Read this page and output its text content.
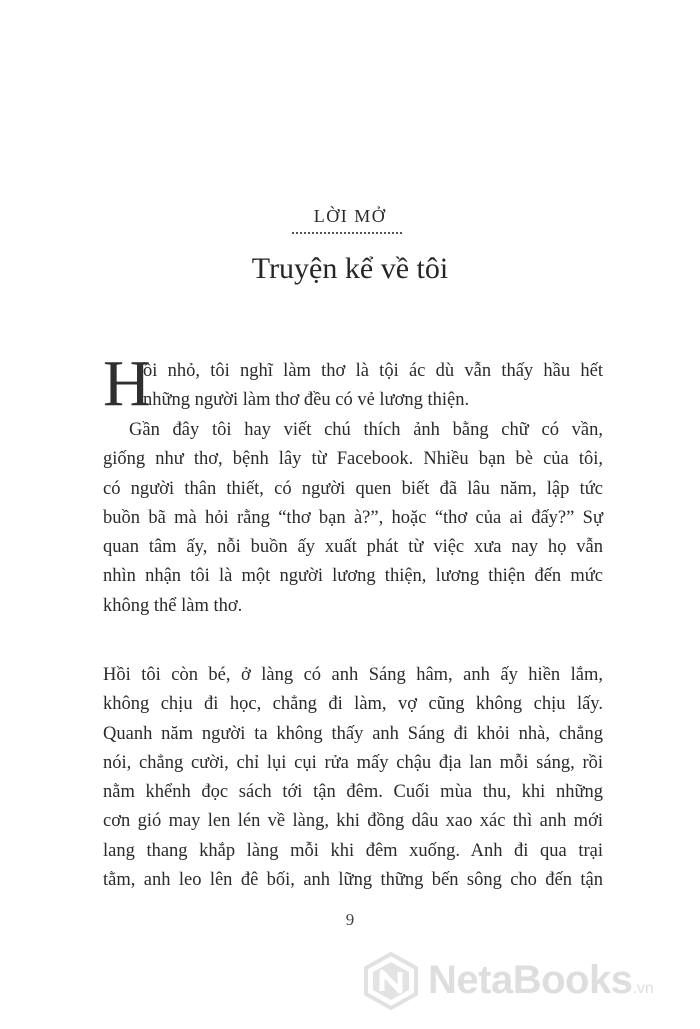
LỜI MỞ
Truyện kể về tôi
H
ồi nhỏ, tôi nghĩ làm thơ là tội ác dù vẫn thấy hầu hết
những người làm thơ đều có vẻ lương thiện.
Gần đây tôi hay viết chú thích ảnh bằng chữ có vần,
giống như thơ, bệnh lây từ Facebook. Nhiều bạn bè của tôi,
có người thân thiết, có người quen biết đã lâu năm, lập tức
buồn bã mà hỏi rằng “thơ bạn à?”, hoặc “thơ của ai đấy?” Sự
quan tâm ấy, nỗi buồn ấy xuất phát từ việc xưa nay họ vẫn
nhìn nhận tôi là một người lương thiện, lương thiện đến mức
không thể làm thơ.
Hồi tôi còn bé, ở làng có anh Sáng hâm, anh ấy hiền lắm,
không chịu đi học, chẳng đi làm, vợ cũng không chịu lấy.
Quanh năm người ta không thấy anh Sáng đi khỏi nhà, chẳng
nói, chẳng cười, chỉ lụi cụi rửa mấy chậu địa lan mỗi sáng, rồi
nằm khểnh đọc sách tới tận đêm. Cuối mùa thu, khi những
cơn gió may len lén về làng, khi đồng dâu xao xác thì anh mới
lang thang khắp làng mỗi khi đêm xuống. Anh đi qua trại
tằm, anh leo lên đê bối, anh lững thững bến sông cho đến tận
9
NetaBooks.vn
